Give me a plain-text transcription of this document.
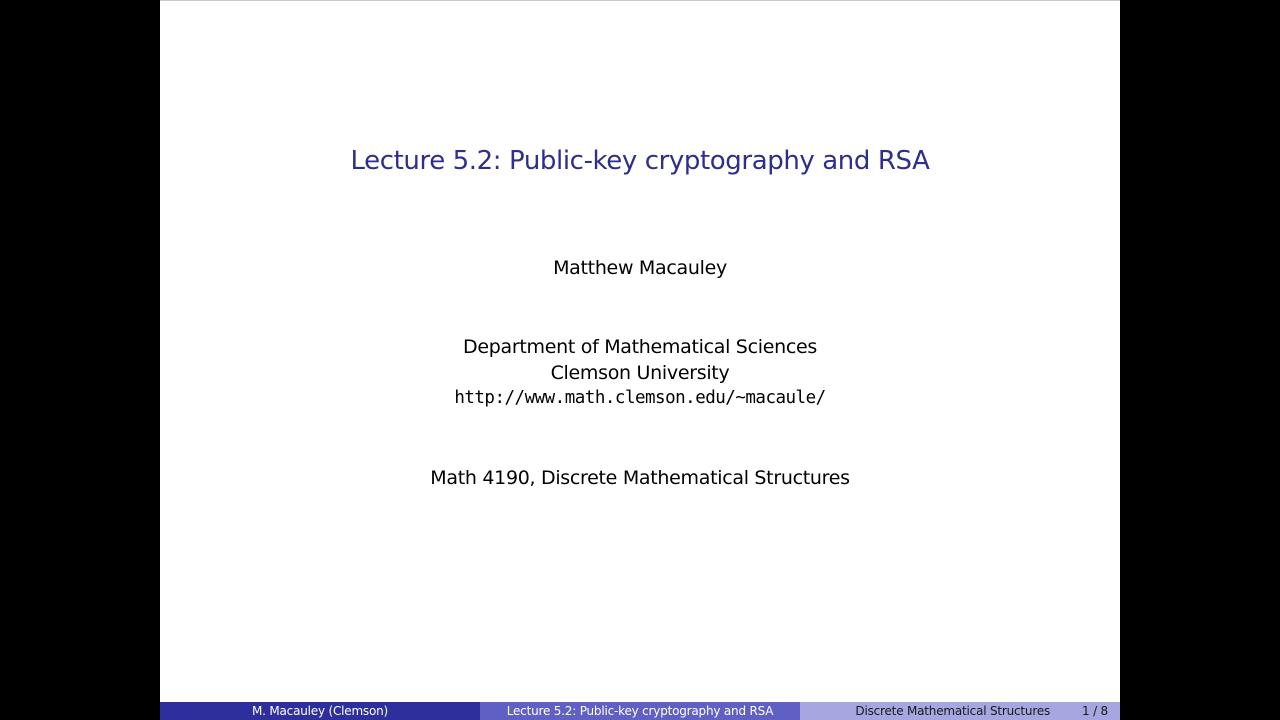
Lecture 5.2: Public-key cryptography and RSA
Matthew Macauley
Department of Mathematical Sciences
Clemson University
http://www.math.clemson.edu/~macaule/
Math 4190, Discrete Mathematical Structures
M. Macauley (Clemson)	Lecture 5.2: Public-key cryptography and RSA	Discrete Mathematical Structures	1 / 8
